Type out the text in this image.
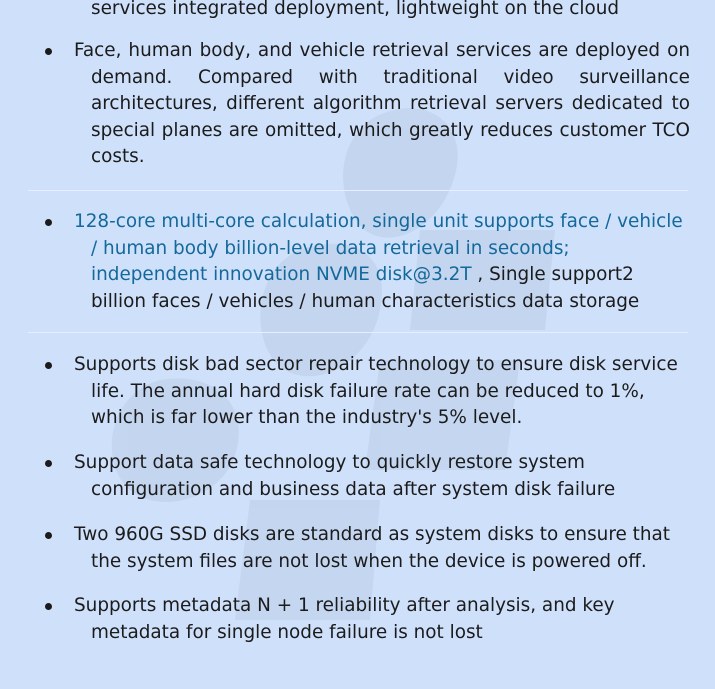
services integrated deployment, lightweight on the cloud
Face, human body, and vehicle retrieval services are deployed on demand. Compared with traditional video surveillance architectures, different algorithm retrieval servers dedicated to special planes are omitted, which greatly reduces customer TCO costs.
128-core multi-core calculation, single unit supports face / vehicle / human body billion-level data retrieval in seconds; independent innovation NVME disk@3.2T , Single support2 billion faces / vehicles / human characteristics data storage
Supports disk bad sector repair technology to ensure disk service life. The annual hard disk failure rate can be reduced to 1%, which is far lower than the industry's 5% level.
Support data safe technology to quickly restore system configuration and business data after system disk failure
Two 960G SSD disks are standard as system disks to ensure that the system files are not lost when the device is powered off.
Supports metadata N + 1 reliability after analysis, and key metadata for single node failure is not lost
